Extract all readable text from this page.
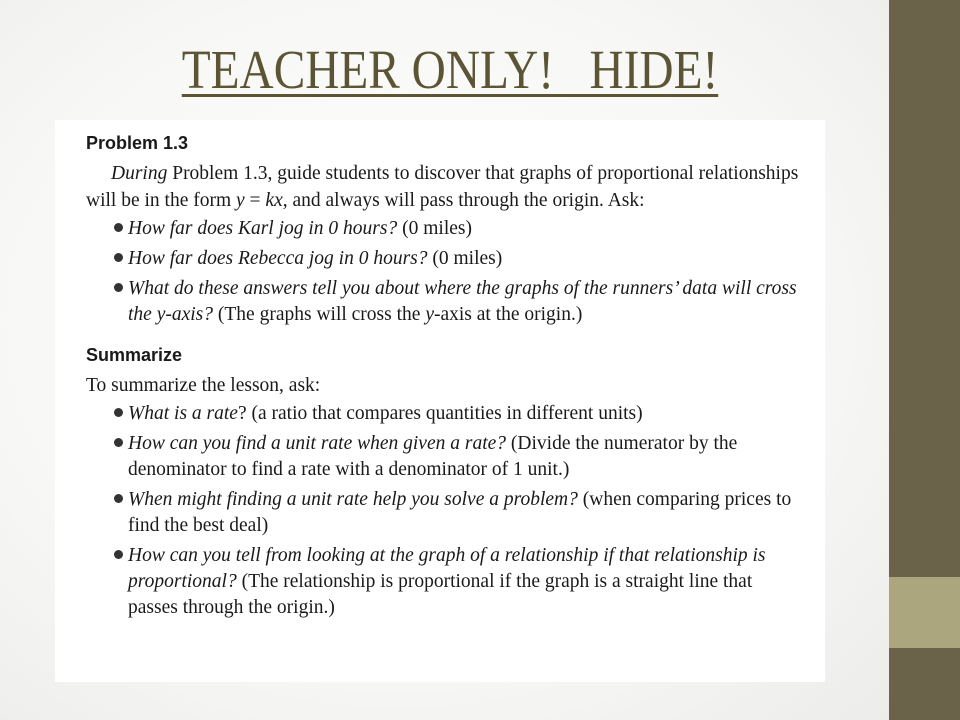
TEACHER ONLY!   HIDE!

Problem 1.3

During Problem 1.3, guide students to discover that graphs of proportional relationships will be in the form y = kx, and always will pass through the origin. Ask:

How far does Karl jog in 0 hours? (0 miles)
How far does Rebecca jog in 0 hours? (0 miles)
What do these answers tell you about where the graphs of the runners’ data will cross the y-axis? (The graphs will cross the y-axis at the origin.)

Summarize

To summarize the lesson, ask:

What is a rate? (a ratio that compares quantities in different units)
How can you find a unit rate when given a rate? (Divide the numerator by the denominator to find a rate with a denominator of 1 unit.)
When might finding a unit rate help you solve a problem? (when comparing prices to find the best deal)
How can you tell from looking at the graph of a relationship if that relationship is proportional? (The relationship is proportional if the graph is a straight line that passes through the origin.)
